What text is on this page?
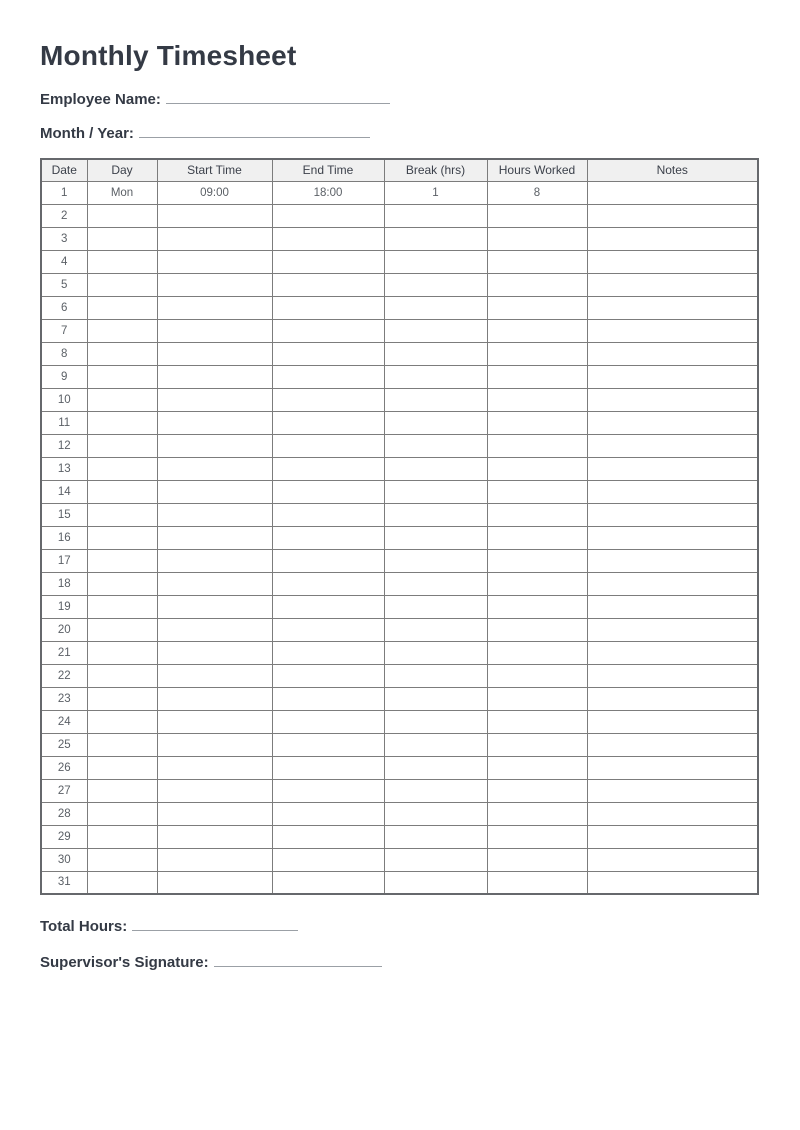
Monthly Timesheet

Employee Name:

Month / Year:

Date	Day	Start Time	End Time	Break (hrs)	Hours Worked	Notes
1	Mon	09:00	18:00	1	8	
2						
3						
4						
5						
6						
7						
8						
9						
10						
11						
12						
13						
14						
15						
16						
17						
18						
19						
20						
21						
22						
23						
24						
25						
26						
27						
28						
29						
30						
31						

Total Hours:

Supervisor's Signature:
